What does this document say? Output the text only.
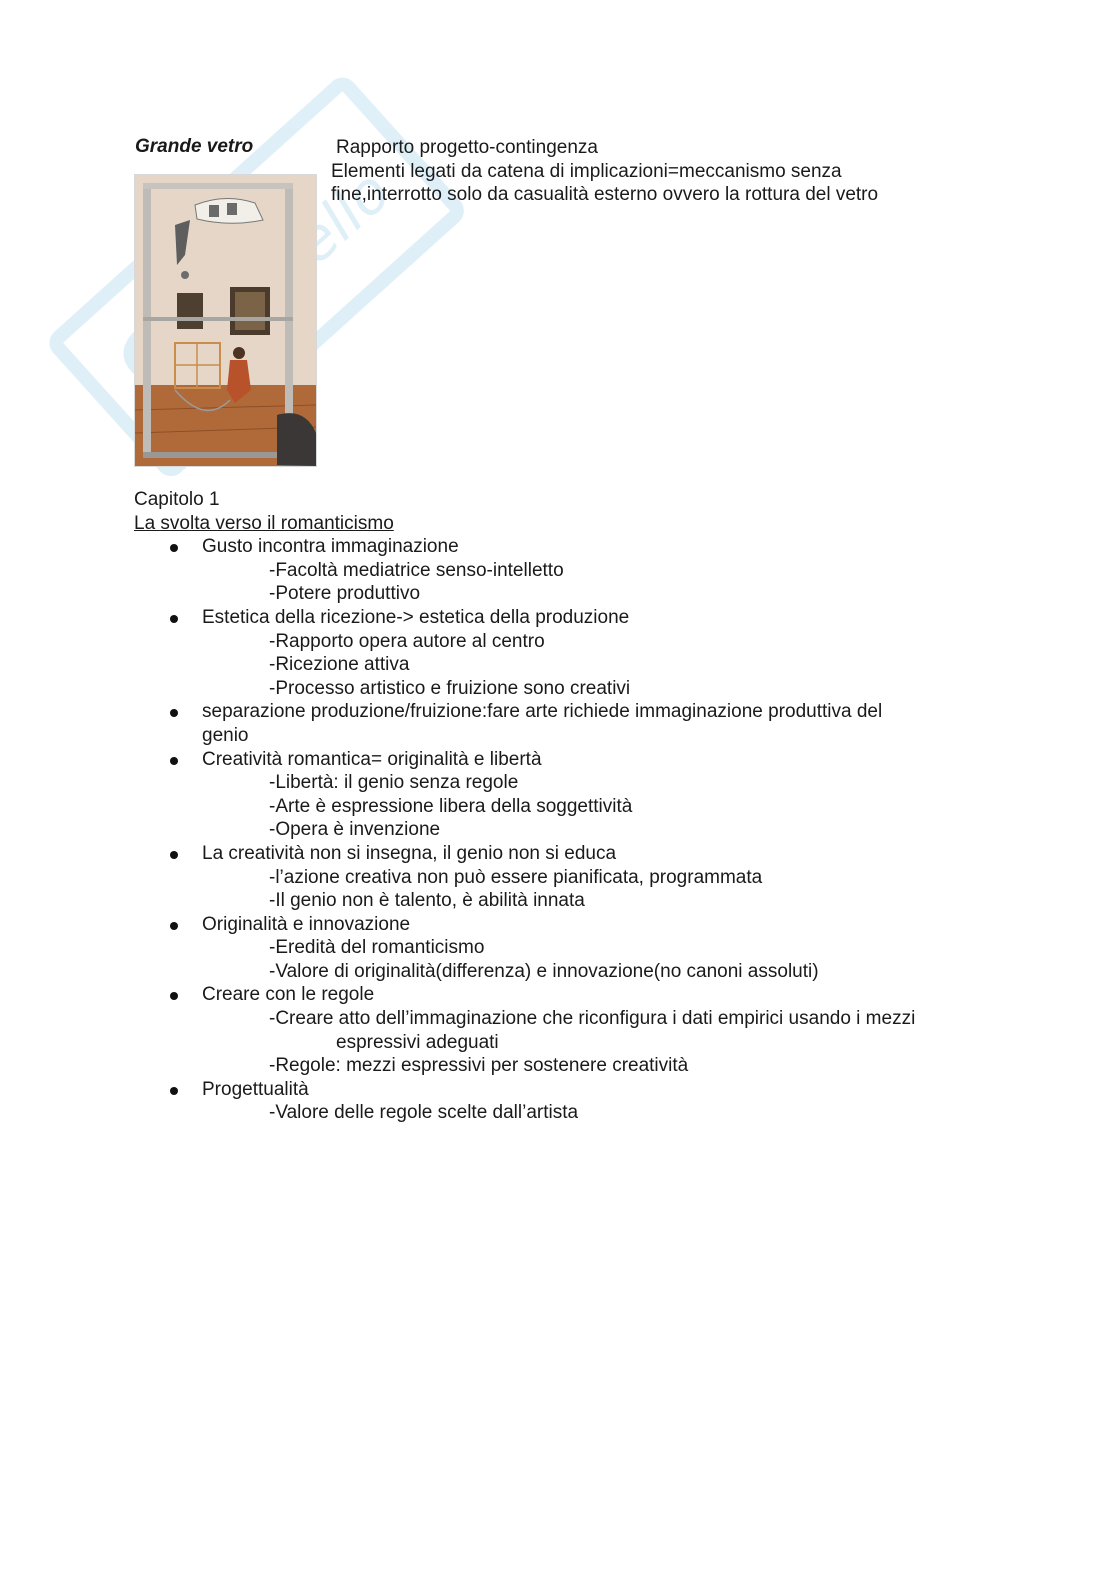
dello
Grande vetro	Rapporto progetto-contingenza
Elementi legati da catena di implicazioni=meccanismo senza
fine,interrotto solo da casualità esterno ovvero la rottura del vetro

Capitolo 1

La svolta verso il romanticismo

Gusto incontra immaginazione
-Facoltà mediatrice senso-intelletto
-Potere produttivo
Estetica della ricezione-> estetica della produzione
-Rapporto opera autore al centro
-Ricezione attiva
-Processo artistico e fruizione sono creativi
separazione produzione/fruizione:fare arte richiede immaginazione produttiva del
genio
Creatività romantica= originalità e libertà
-Libertà: il genio senza regole
-Arte è espressione libera della soggettività
-Opera è invenzione
La creatività non si insegna, il genio non si educa
-l’azione creativa non può essere pianificata, programmata
-Il genio non è talento, è abilità innata
Originalità e innovazione
-Eredità del romanticismo
-Valore di originalità(differenza) e innovazione(no canoni assoluti)
Creare con le regole
-Creare atto dell’immaginazione che riconfigura i dati empirici usando i mezzi
espressivi adeguati
-Regole: mezzi espressivi per sostenere creatività
Progettualità
-Valore delle regole scelte dall’artista
